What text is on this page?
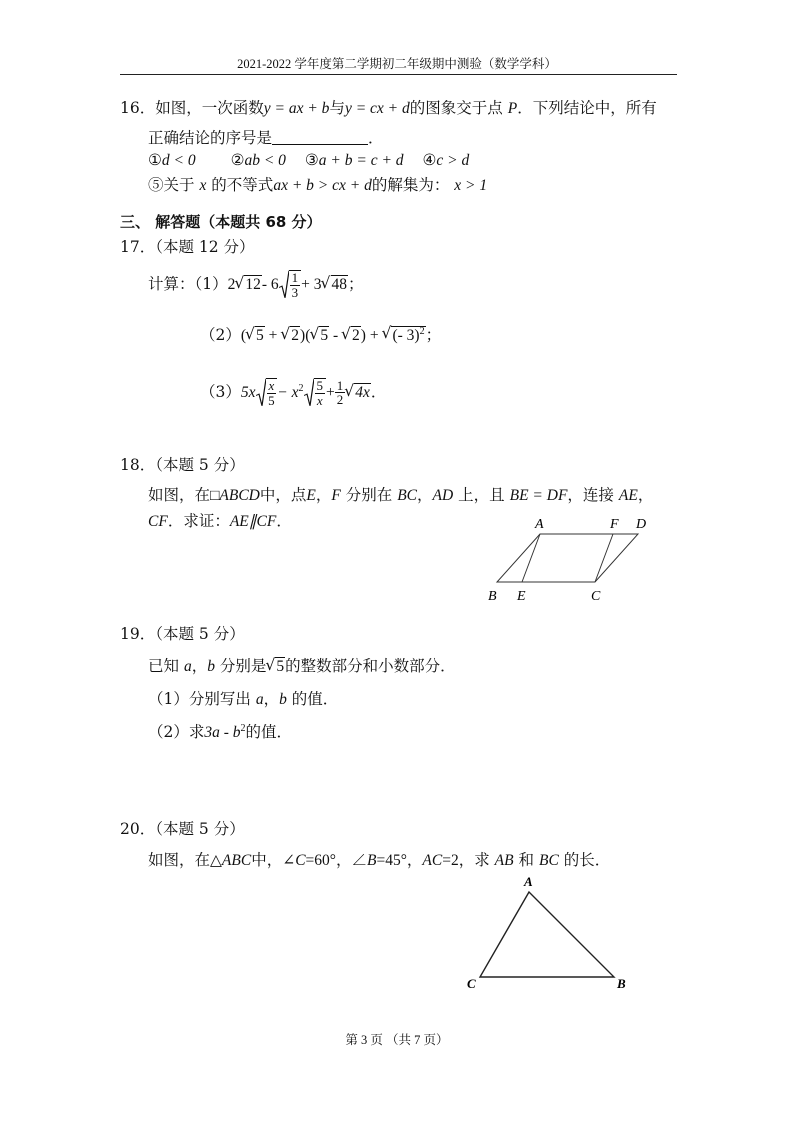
2021-2022 学年度第二学期初二年级期中测验（数学学科）
16．如图，一次函数y = ax + b与y = cx + d的图象交于点 P．下列结论中，所有
正确结论的序号是	．
①d < 0 ②ab < 0 ③a + b = c + d ④c > d
⑤关于 x 的不等式ax + b > cx + d的解集为： x > 1
三、 解答题（本题共 68 分）
17．（本题 12 分）
计算：（1） 2 √ $12 - 6 \frac{1}{3} + 3$ √ 48 ；
（2）( √ 5 + √ 2)( √ 5 - √ 2) + √ (- 3)$^2$；
（3） $5x \frac{x}{5} - x^2 \frac{5}{x} + \frac{1}{2}$ √ 4x ．
18．（本题 5 分）
如图，在□ABCD中，点E，F 分别在 BC，AD 上，且 BE = DF，连接 AE，
CF．求证：AE∥CF．	A	F D
B E	C
19．（本题 5 分）
已知 a，b 分别是 √ 5的整数部分和小数部分．
（1）分别写出 a，b 的值．
（2）求$3a - b^2$的值．
20．（本题 5 分）
如图，在△ABC中，∠C=60°，∠B=45°，AC=2，求 AB 和 BC 的长．
A
C	B
第 3 页 （共 7 页）
